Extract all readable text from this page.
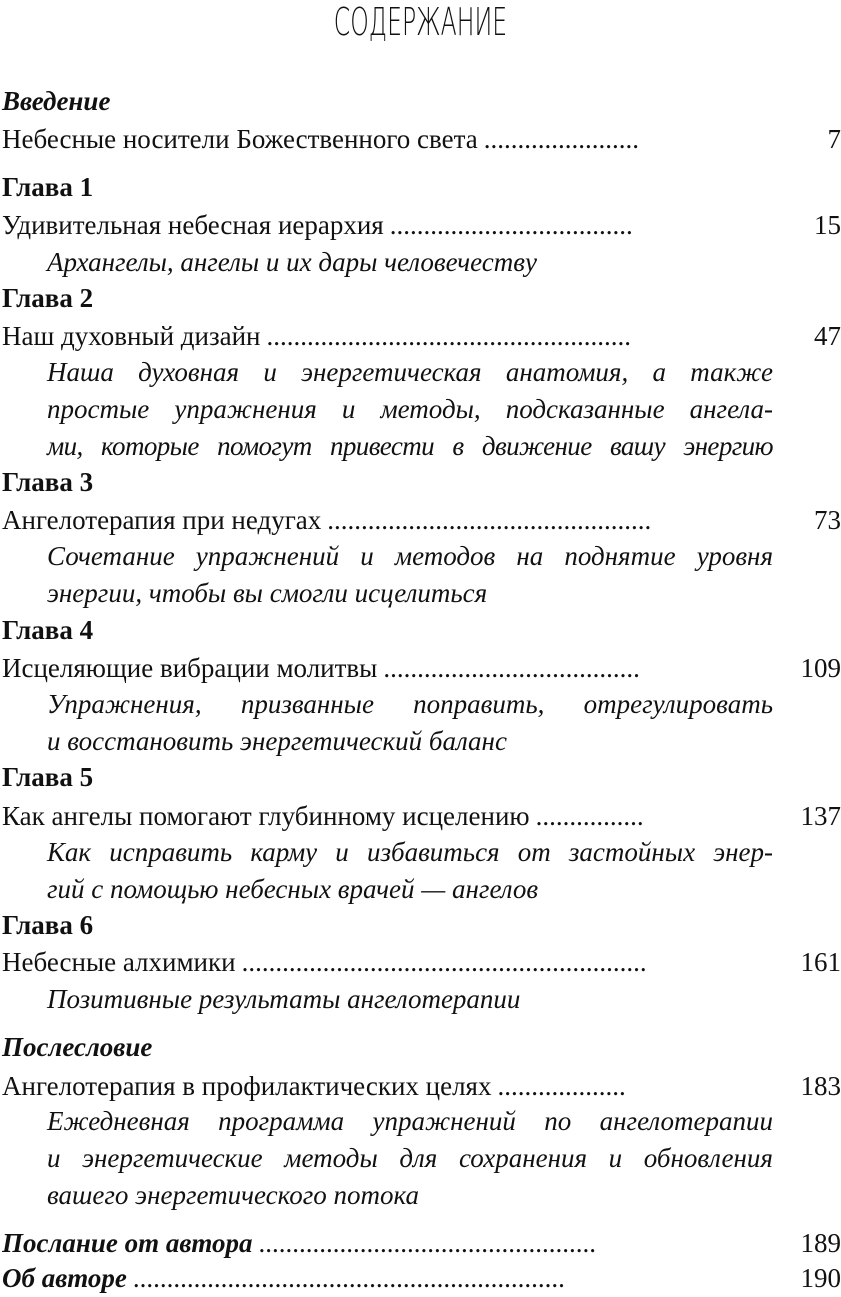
СОДЕРЖАНИЕ
Введение
Небесные носители Божественного света .......................	7
Глава 1
Удивительная небесная иерархия ....................................	15
Архангелы, ангелы и их дары человечеству
Глава 2
Наш духовный дизайн ......................................................	47
Наша духовная и энергетическая анатомия, а также
простые упражнения и методы, подсказанные ангела-
ми, которые помогут привести в движение вашу энергию
Глава 3
Ангелотерапия при недугах ................................................	73
Сочетание упражнений и методов на поднятие уровня
энергии, чтобы вы смогли исцелиться
Глава 4
Исцеляющие вибрации молитвы ......................................	109
Упражнения, призванные поправить, отрегулировать
и восстановить энергетический баланс
Глава 5
Как ангелы помогают глубинному исцелению ................	137
Как исправить карму и избавиться от застойных энер-
гий с помощью небесных врачей — ангелов
Глава 6
Небесные алхимики ............................................................	161
Позитивные результаты ангелотерапии
Послесловие
Ангелотерапия в профилактических целях ...................	183
Ежедневная программа упражнений по ангелотерапии
и энергетические методы для сохранения и обновления
вашего энергетического потока
Послание от автора ..................................................	189
Об авторе ................................................................	190
